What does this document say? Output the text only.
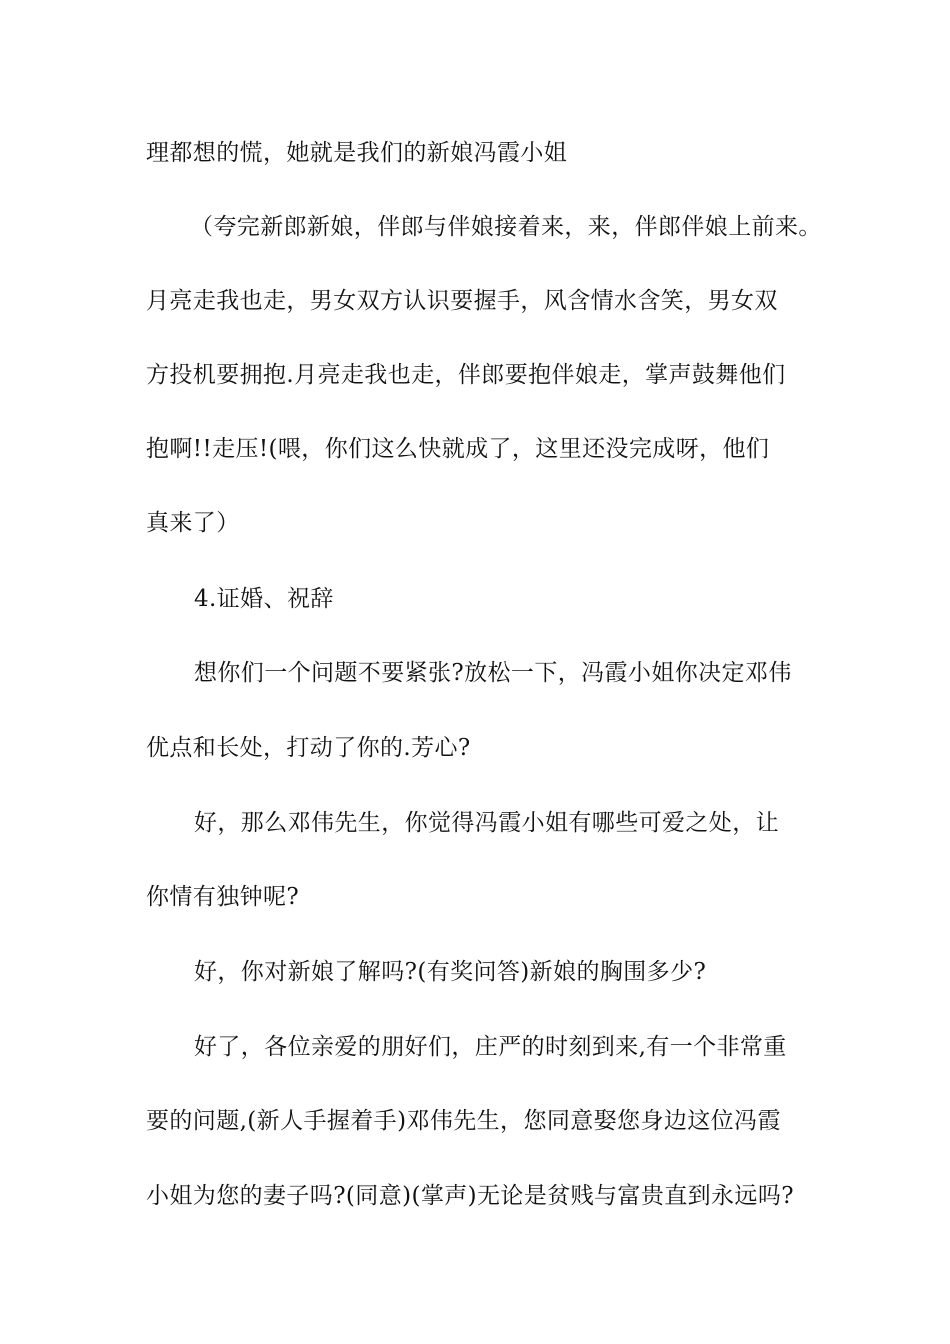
理都想的慌，她就是我们的新娘冯霞小姐
（夸完新郎新娘，伴郎与伴娘接着来，来，伴郎伴娘上前来。
月亮走我也走，男女双方认识要握手，风含情水含笑，男女双
方投机要拥抱.月亮走我也走，伴郎要抱伴娘走，掌声鼓舞他们
抱啊!!走压!(喂，你们这么快就成了，这里还没完成呀，他们
真来了）
4.证婚、祝辞
想你们一个问题不要紧张?放松一下，冯霞小姐你决定邓伟
优点和长处，打动了你的.芳心?
好，那么邓伟先生，你觉得冯霞小姐有哪些可爱之处，让
你情有独钟呢?
好，你对新娘了解吗?(有奖问答)新娘的胸围多少?
好了，各位亲爱的朋好们，庄严的时刻到来,有一个非常重
要的问题,(新人手握着手)邓伟先生，您同意娶您身边这位冯霞
小姐为您的妻子吗?(同意)(掌声)无论是贫贱与富贵直到永远吗?
